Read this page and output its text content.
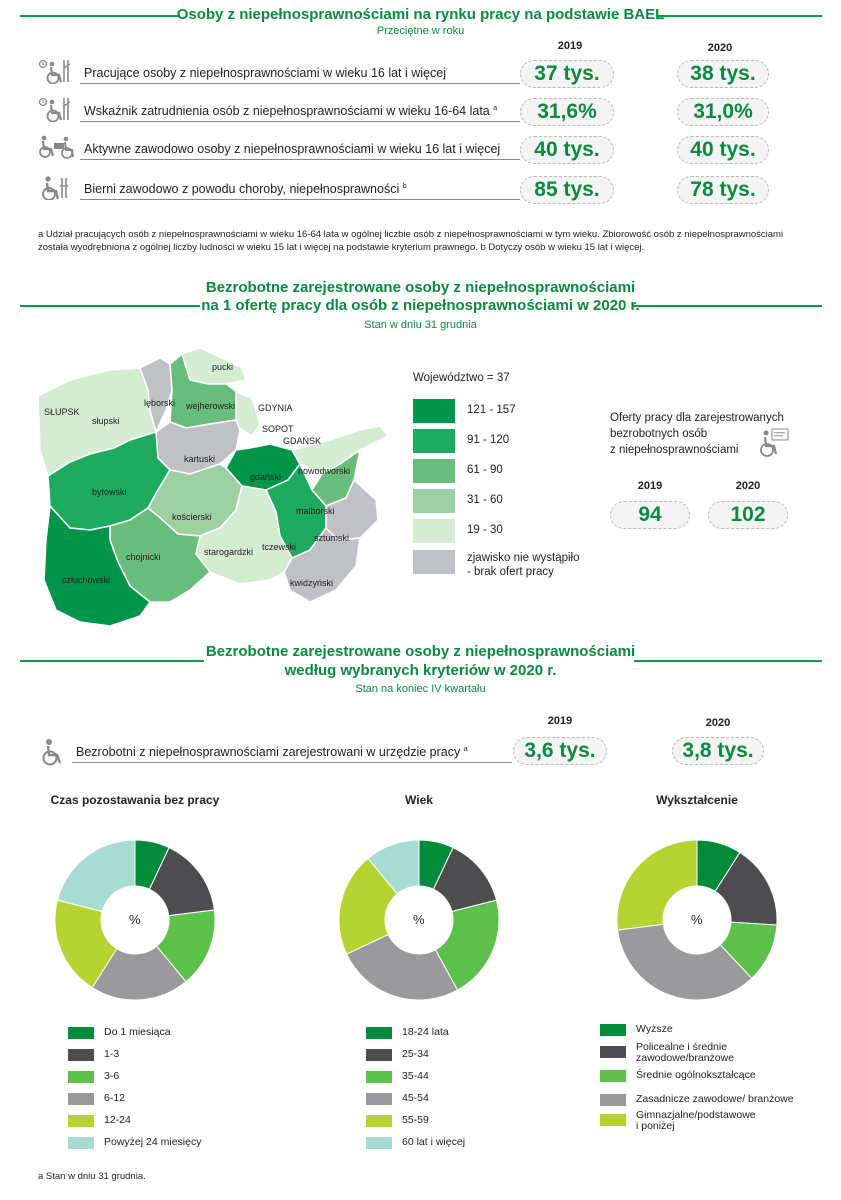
Osoby z niepełnosprawnościami na rynku pracy na podstawie BAEL
Przeciętne w roku
2019	2020
Pracujące osoby z niepełnosprawnościami w wieku 16 lat i więcej	37 tys.	38 tys.
Wskaźnik zatrudnienia osób z niepełnosprawnościami w wieku 16-64 lata $^a$	31,6%	31,0%
Aktywne zawodowo osoby z niepełnosprawnościami w wieku 16 lat i więcej	40 tys.	40 tys.
Bierni zawodowo z powodu choroby, niepełnosprawności $^b$	85 tys.	78 tys.
a Udział pracujących osób z niepełnosprawnościami w wieku 16-64 lata w ogólnej liczbie osób z niepełnosprawnościami w tym wieku. Zbiorowość osób z niepełnosprawnościami
została wyodrębniona z ogólnej liczby ludności w wieku 15 lat i więcej na podstawie kryterium prawnego. b Dotyczy osób w wieku 15 lat i więcej.
Bezrobotne zarejestrowane osoby z niepełnosprawnościami
na 1 ofertę pracy dla osób z niepełnosprawnościami w 2020 r.
Stan w dniu 31 grudnia
SŁUPSK
słupski
lęborski
pucki
wejherowski	GDYNIA
SOPOT
GDAŃSK
kartuski
gdański
nowodworski
bytowski
kościerski
malborski
sztumski
chojnicki	starogardzki tczewski
kwidzyński
człuchowski
Województwo = 37
121 - 157
91 - 120
61 - 90
31 - 60
19 - 30
zjawisko nie wystąpiło
- brak ofert pracy
Oferty pracy dla zarejestrowanych
bezrobotnych osób
z niepełnosprawnościami
2019	2020
94	102
Bezrobotne zarejestrowane osoby z niepełnosprawnościami
według wybranych kryteriów w 2020 r.
Stan na koniec IV kwartału
2019	2020
Bezrobotni z niepełnosprawnościami zarejestrowani w urzędzie pracy $^a$	3,6 tys.	3,8 tys.
Czas pozostawania bez pracy
%
Do 1 miesiąca
1-3
3-6
6-12
12-24
Powyżej 24 miesięcy
Wiek
%
18-24 lata
25-34
35-44
45-54
55-59
60 lat i więcej
Wykształcenie
%
Wyższe
Policealne i średnie
zawodowe/branżowe
Średnie ogólnokształcące
Zasadnicze zawodowe/ branżowe
Gimnazjalne/podstawowe
i poniżej
a Stan w dniu 31 grudnia.
